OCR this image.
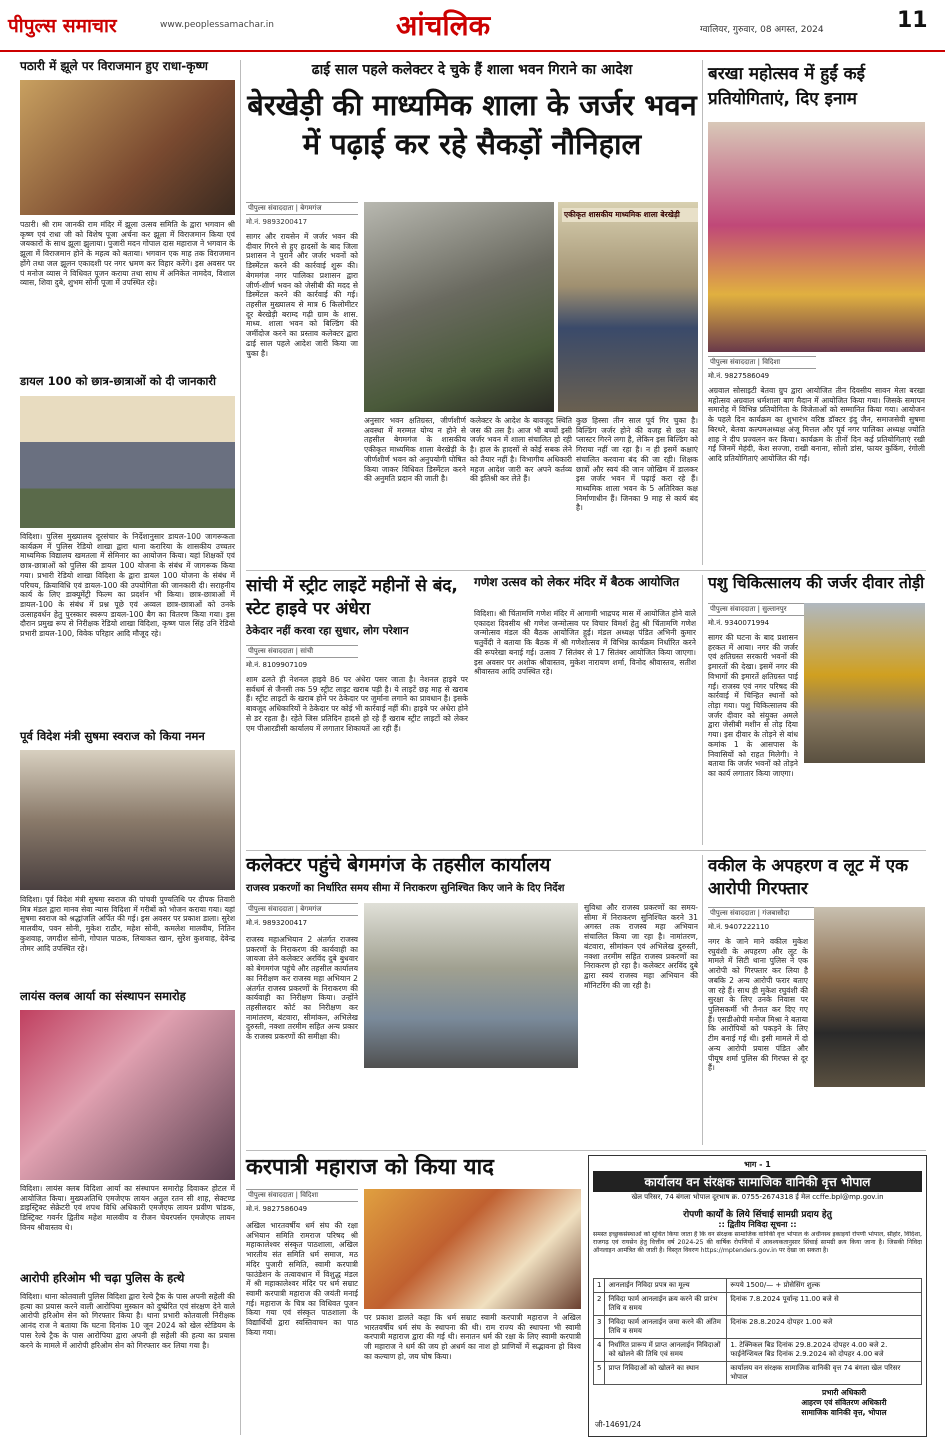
पीपुल्स समाचार	www.peoplessamachar.in	आंचलिक	ग्वालियर, गुरुवार, 08 अगस्त, 2024	11
पठारी में झूले पर विराजमान हुए राधा-कृष्ण
पठारी। श्री राम जानकी राम मंदिर में झूला उत्सव समिति के द्वारा भगवान श्री कृष्ण एवं राधा जी को विशेष पूजा अर्चना कर झूला में विराजमान किया एवं जयकारों के साथ झूला झुलाया। पुजारी मदन गोपाल दास महाराज ने भगवान के झूला में विराजमान होने के महत्व को बताया। भगवान एक माह तक विराजमान होंगे तथा जल झूलन एकादशी पर नगर भ्रमण कर विहार करेंगे। इस अवसर पर पं मनोज व्यास ने विधिवत पूजन कराया तथा साथ में अनिकेत नामदेव, विशाल व्यास, शिवा दुबे, शुभम सोनी पूजा में उपस्थित रहे।
डायल 100 को छात्र-छात्राओं को दी जानकारी
विदिशा। पुलिस मुख्यालय दूरसंचार के निर्देशानुसार डायल-100 जागरूकता कार्यक्रम में पुलिस रेडियो शाखा द्वारा थाना करारिया के शासकीय उच्चतर माध्यमिक विद्यालय खमतला में सेमिनार का आयोजन किया। यहां शिक्षकों एवं छात्र-छात्राओं को पुलिस की डायल 100 योजना के संबंध में जागरूक किया गया। प्रभारी रेडियो शाखा विदिशा के द्वारा डायल 100 योजना के संबंध में परिचय, क्रियाविधि एवं डायल-100 की उपयोगिता की जानकारी दी। सराहनीय कार्य के लिए डाक्यूमेंट्री फिल्म का प्रदर्शन भी किया। छात्र-छात्राओं में डायल-100 के संबंध में प्रश्न पूछे एवं अव्वल छात्र-छात्राओं को उनके उत्साहवर्धन हेतु पुरस्कार स्वरूप डायल-100 बैग का वितरण किया गया। इस दौरान प्रमुख रूप से निरीक्षक रेडियो शाखा विदिशा, कृष्ण पाल सिंह उनि रेडियो प्रभारी डायल-100, विवेक परिहार आदि मौजूद रहे।
पूर्व विदेश मंत्री सुषमा स्वराज को किया नमन
विदिशा। पूर्व विदेश मंत्री सुषमा स्वराज की पांचवी पुण्यतिथि पर दीपक तिवारी मित्र मंडल द्वारा मानव सेवा न्यास विदिशा में गरीबों को भोजन कराया गया। यहां सुषमा स्वराज को श्रद्धांजलि अर्पित की गई। इस अवसर पर प्रकाश डाला। सुरेश मालवीय, पवन सोनी, मुकेश राठौर, महेश सोनी, कमलेश मालवीय, नितिन कुशवाह, जगदीश सोनी, गोपाल पाठक, लियाकत खान, सुरेश कुशवाह, देवेन्द्र तोमर आदि उपस्थित रहे।
लायंस क्लब आर्या का संस्थापन समारोह
विदिशा। लायंस क्लब विदिशा आर्या का संस्थापन समारोह दिवाकर होटल में आयोजित किया। मुख्यअतिथि एमजेएफ लायन अतुल रतन सी शाह, सेक्टण्ड डाइस्ट्रिक्ट सेक्रेटरी एवं शपथ विधि अधिकारी एमजेएफ लायन प्रवीण चांडक, डिस्ट्रिक्ट गवर्नर द्वितीय महेश मालवीय व रीजन चेयरपर्सन एमजेएफ लायन विनय श्रीवास्तव थे।
आरोपी हरिओम भी चढ़ा पुलिस के हत्थे
विदिशा। थाना कोतवाली पुलिस विदिशा द्वारा रेल्वे ट्रैक के पास अपनी सहेली की हत्या का प्रयास करने वाली आरोपिया मुस्कान को दुष्प्रेरित एवं संरक्षण देने वाले आरोपी हरिओम सेन को गिरफ्तार किया है। थाना प्रभारी कोतवाली निरीक्षक आनंद राज ने बताया कि घटना दिनांक 10 जून 2024 को खेल स्टेडियम के पास रेल्वे ट्रैक के पास आरोपिया द्वारा अपनी ही सहेली की हत्या का प्रयास करने के मामले में आरोपी हरिओम सेन को गिरफ्तार कर लिया गया है।
ढाई साल पहले कलेक्टर दे चुके हैं शाला भवन गिराने का आदेश
बेरखेड़ी की माध्यमिक शाला के जर्जर भवन में पढ़ाई कर रहे सैकड़ों नौनिहाल
पीपुल्स संवाददाता | बेगमगंज
मो.नं. 9893200417
सागर और रायसेन में जर्जर भवन की दीवार गिरने से हुए हादसों के बाद जिला प्रशासन ने पुराने और जर्जर भवनों को डिस्मेंटल करने की कार्रवाई शुरू की। बेगमगंज नगर पालिका प्रशासन द्वारा जीर्ण-शीर्ण भवन को जेसीबी की मदद से डिस्मेंटल करने की कार्रवाई की गई। तहसील मुख्यालय से मात्र 6 किलोमीटर दूर बेरखेड़ी बराम्द गढ़ी ग्राम के शास. माध्य. शाला भवन को बिल्डिंग की जमींदोज करने का प्रस्ताव कलेक्टर द्वारा ढाई साल पहले आदेश जारी किया जा चुका है।
एकीकृत शासकीय माध्यमिक शाला बेरखेड़ी
अनुसार भवन क्षतिग्रस्त, जीर्णशीर्ण अवस्था में मरम्मत योग्य न होने से तहसील बेगमगंज के शासकीय एकीकृत माध्यमिक शाला बेरखेड़ी के जीर्णशीर्ण भवन को अनुपयोगी घोषित किया जाकर विधिवत डिस्मेंटल करने की अनुमति प्रदान की जाती है।
कलेक्टर के आदेश के बावजूद स्थिति जस की तस है। आज भी बच्चों इसी जर्जर भवन में शाला संचालित हो रही है। हाल के हादसों से कोई सबक लेने को तैयार नहीं है। विभागीय अधिकारी महज आदेश जारी कर अपने कर्तव्य की इतिश्री कर लेते हैं।
कुछ हिस्सा तीन साल पूर्व गिर चुका है। बिल्डिंग जर्जर होने की वजह से छत का प्लास्टर गिरने लगा है, लेकिन इस बिल्डिंग को गिराया नहीं जा रहा है। न ही इसमें कक्षाएं संचालित करवाना बंद की जा रही। शिक्षक छात्रों और स्वयं की जान जोखिम में डालकर इस जर्जर भवन में पढ़ाई करा रहे हैं। माध्यमिक शाला भवन के 5 अतिरिक्त कक्ष निर्माणाधीन हैं। जिनका 9 माह से कार्य बंद है।
बरखा महोत्सव में हुईं कई प्रतियोगिताएं, दिए इनाम
पीपुल्स संवाददाता | विदिशा
मो.नं. 9827586049
अग्रवाल सोसाइटी बेतवा ग्रुप द्वारा आयोजित तीन दिवसीय सावन मेला बरखा महोत्सव अग्रवाल धर्मशाला बाग मैदान में आयोजित किया गया। जिसके समापन समारोह में विभिन्न प्रतियोगिता के विजेताओं को सम्मानित किया गया। आयोजन के पहले दिन कार्यक्रम का शुभारंभ वरिष्ठ डॉक्टर इंदु जैन, समाजसेवी सुषमा बिरथरे, बेतवा कल्पमअध्यक्ष अंजू मित्तल और पूर्व नगर पालिका अध्यक्ष ज्योति शाह ने दीप प्रज्वलन कर किया। कार्यक्रम के तीनों दिन कई प्रतियोगिताएं रखी गईं जिनमें मेहंदी, केश सज्जा, राखी बनाना, सोलो डांस, फायर कुकिंग, रंगोली आदि प्रतियोगिताएं आयोजित की गईं।
सांची में स्ट्रीट लाइटें महीनों से बंद, स्टेट हाइवे पर अंधेरा
ठेकेदार नहीं करवा रहा सुधार, लोग परेशान
पीपुल्स संवाददाता | सांची
मो.नं. 8109907109
शाम ढलते ही नेशनल हाइवे 86 पर अंधेरा पसर जाता है। नेशनल हाइवे पर सर्वधर्म से जैनसी तक 59 स्ट्रीट लाइट खराब पड़ी है। ये लाइटें छह माह से खराब हैं। स्ट्रीट लाइटों के खराब होने पर ठेकेदार पर जुर्माना लगाने का प्रावधान है। इसके बावजूद अधिकारियों ने ठेकेदार पर कोई भी कार्रवाई नहीं की। हाइवे पर अंधेरा होने से डर रहता है। रहेते जिस प्रतिदिन हादसे हो रहे हैं खराब स्ट्रीट लाइटों को लेकर एम पीआरडीसी कार्यालय में लगातार शिकायतें आ रही हैं।
गणेश उत्सव को लेकर मंदिर में बैठक आयोजित
विदिशा। श्री चिंतामणि गणेश मंदिर में आगामी भाद्रपद मास में आयोजित होने वाले एकादश दिवसीय श्री गणेश जन्मोत्सव पर विचार विमर्श हेतु श्री चिंतामणि गणेश जन्मोत्सव मंडल की बैठक आयोजित हुई। मंडल अध्यक्ष पंडित अभिनी कुमार चतुर्वेदी ने बताया कि बैठक में श्री गणेशोत्सव में विभिन्न कार्यक्रम निर्धारित करने की रूपरेखा बनाई गई। उत्सव 7 सितंबर से 17 सितंबर आयोजित किया जाएगा। इस अवसर पर अशोक श्रीवास्तव, मुकेश नारायण शर्मा, विनोद श्रीवास्तव, सतीश श्रीवास्तव आदि उपस्थित रहे।
पशु चिकित्सालय की जर्जर दीवार तोड़ी
पीपुल्स संवाददाता | सुल्तानपुर
मो.नं. 9340071994
सागर की घटना के बाद प्रशासन हरकत में आया। नगर की जर्जर एवं क्षतिग्रस्त सरकारी भवनों की इमारतों की देखा। इसमें नगर की विभागों की इमारतें क्षतिग्रस्त पाई गईं। राजस्व एवं नगर परिषद की कार्रवाई में चिन्हित स्थानों को तोड़ा गया। पशु चिकित्सालय की जर्जर दीवार को संयुक्त अमले द्वारा जेसीबी मशीन से तोड़ दिया गया। इस दीवार के तोड़ने से बांध कमांक 1 के आसपास के निवासियों को राहत मिलेगी। ने बताया कि जर्जर भवनों को तोड़ने का कार्य लगातार किया जाएगा।
कलेक्टर पहुंचे बेगमगंज के तहसील कार्यालय
राजस्व प्रकरणों का निर्धारित समय सीमा में निराकरण सुनिश्चित किए जाने के दिए निर्देश
पीपुल्स संवाददाता | बेगमगंज
मो.नं. 9893200417
राजस्व महाअभियान 2 अंतर्गत राजस्व प्रकरणों के निराकरण की कार्यवाही का जायजा लेने कलेक्टर अरविंद दुबे बुधवार को बेगमगंज पहुंचे और तहसील कार्यालय का निरीक्षण कर राजस्व महा अभियान 2 अंतर्गत राजस्व प्रकरणों के निराकरण की कार्यवाही का निरीक्षण किया। उन्होंने तहसीलदार कोर्ट का निरीक्षण कर नामांतरण, बंटवारा, सीमांकन, अभिलेख दुरुस्ती, नक्शा तरमीम सहित अन्य प्रकार के राजस्व प्रकरणों की समीक्षा की।
सुविधा और राजस्व प्रकरणों का समय-सीमा में निराकरण सुनिश्चित करने 31 अगस्त तक राजस्व महा अभियान संचालित किया जा रहा है। नामांतरण, बंटवारा, सीमांकन एवं अभिलेख दुरुस्ती, नक्शा तरमीम सहित राजस्व प्रकरणों का निराकरण हो रहा है। कलेक्टर अरविंद दुबे द्वारा स्वयं राजस्व महा अभियान की मॉनिटरिंग की जा रही है।
वकील के अपहरण व लूट में एक आरोपी गिरफ्तार
पीपुल्स संवाददाता | गंजबासौदा
मो.नं. 9407222110
नगर के जाने माने वकील मुकेश रघुवंशी के अपहरण और लूट के मामले में सिटी थाना पुलिस ने एक आरोपी को गिरफ्तार कर लिया है जबकि 2 अन्य आरोपी फरार बताए जा रहे हैं। साथ ही मुकेश रघुवंशी की सुरक्षा के लिए उनके निवास पर पुलिसकर्मी भी तैनात कर दिए गए हैं। एसडीओपी मनोज मिश्रा ने बताया कि आरोपियों को पकड़ने के लिए टीम बनाई गई थी। इसी मामले में दो अन्य आरोपी प्रयास पंडित और पीयूष शर्मा पुलिस की गिरफ्त से दूर हैं।
करपात्री महाराज को किया याद
पीपुल्स संवाददाता | विदिशा
मो.नं. 9827586049
अखिल भारतवर्षीय धर्म संघ की रक्षा अभियान समिति रामराज परिषद श्री महाकालेश्वर संस्कृत पाठशाला, अखिल भारतीय संत समिति धर्म समाज, मठ मंदिर पुजारी समिति, स्वामी करपात्री फाउंडेशन के तत्वावधान में विशुद्ध मंडल में श्री महाकालेश्वर मंदिर पर धर्म सम्राट स्वामी करपात्री महाराज की जयंती मनाई गई। महाराज के चित्र का विधिवत पूजन किया गया एवं संस्कृत पाठशाला के विद्यार्थियों द्वारा स्वस्तिवाचन का पाठ किया गया।
पर प्रकाश डालते कहा कि धर्म सम्राट स्वामी करपात्री महाराज ने अखिल भारतवर्षीय धर्म संघ के स्थापना की थी। राम राज्य की स्थापना भी स्वामी करपात्री महाराज द्वारा की गई थी। सनातन धर्म की रक्षा के लिए स्वामी करपात्री जी महाराज ने धर्म की जय हो अधर्म का नाश हो प्राणियों में सद्भावना हो विश्व का कल्याण हो, जय घोष किया।
भाग - 1
कार्यालय वन संरक्षक सामाजिक वानिकी वृत्त भोपाल
खेल परिसर, 74 बंगला भोपाल दूरभाष क्र. 0755-2674318 ई मेल ccffe.bpl@mp.gov.in
रोपणी कार्यों के लिये सिंचाई सामग्री प्रदाय हेतु
:: द्वितीय निविदा सूचना ::
समस्त इच्छुकसंस्थाओं को सूचित किया जाता है कि वन संरक्षक सामाजिक वानिकी वृत्त भोपाल के अधीनस्थ इकाइयों रोपणी भोपाल, सीहोर, विदिशा, राजगढ़ एवं रायसेन हेतु वित्तीय वर्ष 2024-25 की वार्षिक रोपणियों में आवश्यकतानुसार सिंचाई सामग्री क्रय किया जाना है। जिसकी निविदा ऑनलाइन आमंत्रित की जाती है। विस्तृत विवरण https://mptenders.gov.in पर देखा जा सकता है।
1	आनलाईन निविदा प्रपत्र का मूल्य	रूपये 1500/— + प्रोसेसिंग शुल्क
2	निविदा फार्म आनलाईन क्रय करने की प्रारंभ तिथि व समय	दिनांक 7.8.2024 पूर्वान्ह 11.00 बजे से
3	निविदा फार्म आनलाईन जमा करने की अंतिम तिथि व समय	दिनांक 28.8.2024 दोपहर 1.00 बजे
4	निर्धारित प्रारूप में प्राप्त आनलाईन निविदाओं को खोलने की तिथि एवं समय	1. टेक्निकल बिड दिनांक 29.8.2024 दोपहर 4.00 बजे 2. फाईनेन्शियल बिड दिनांक 2.9.2024 को दोपहर 4.00 बजे
5	प्राप्त निविदाओं को खोलने का स्थान	कार्यालय वन संरक्षक सामाजिक वानिकी वृत्त 74 बंगला खेल परिसर भोपाल
प्रभारी अधिकारी
आहरण एवं संवितरण अधिकारी
सामाजिक वानिकी वृत्त, भोपाल
जी-14691/24
